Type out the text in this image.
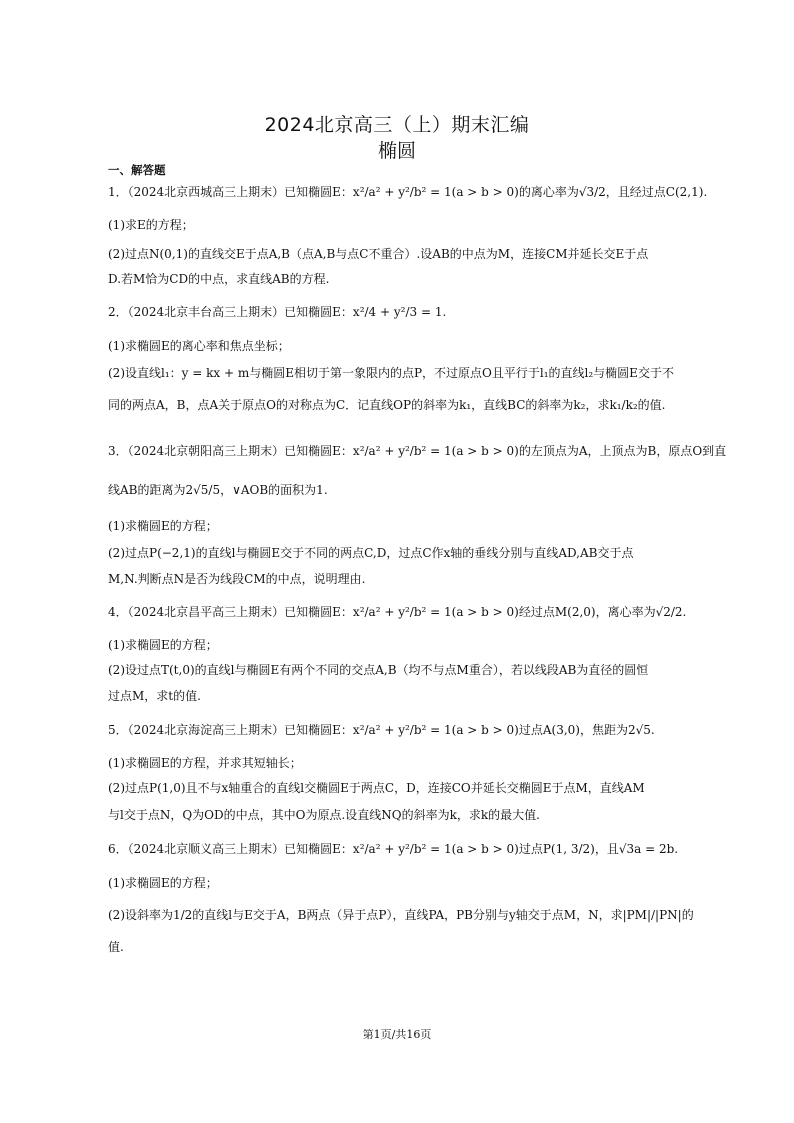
2024北京高三（上）期末汇编
椭圆
一、解答题
1．（2024北京西城高三上期末）已知椭圆E：x²/a² + y²/b² = 1(a > b > 0)的离心率为√3/2，且经过点C(2,1).
(1)求E的方程；
(2)过点N(0,1)的直线交E于点A,B（点A,B与点C不重合）.设AB的中点为M，连接CM并延长交E于点
D.若M恰为CD的中点，求直线AB的方程.
2．（2024北京丰台高三上期末）已知椭圆E：x²/4 + y²/3 = 1.
(1)求椭圆E的离心率和焦点坐标；
(2)设直线l₁：y = kx + m与椭圆E相切于第一象限内的点P，不过原点O且平行于l₁的直线l₂与椭圆E交于不
同的两点A，B，点A关于原点O的对称点为C．记直线OP的斜率为k₁，直线BC的斜率为k₂，求k₁/k₂的值.
3．（2024北京朝阳高三上期末）已知椭圆E：x²/a² + y²/b² = 1(a > b > 0)的左顶点为A，上顶点为B，原点O到直
线AB的距离为2√5/5，∨AOB的面积为1.
(1)求椭圆E的方程；
(2)过点P(−2,1)的直线l与椭圆E交于不同的两点C,D，过点C作x轴的垂线分别与直线AD,AB交于点
M,N.判断点N是否为线段CM的中点，说明理由.
4．（2024北京昌平高三上期末）已知椭圆E：x²/a² + y²/b² = 1(a > b > 0)经过点M(2,0)，离心率为√2/2.
(1)求椭圆E的方程；
(2)设过点T(t,0)的直线l与椭圆E有两个不同的交点A,B（均不与点M重合），若以线段AB为直径的圆恒
过点M，求t的值.
5．（2024北京海淀高三上期末）已知椭圆E：x²/a² + y²/b² = 1(a > b > 0)过点A(3,0)，焦距为2√5.
(1)求椭圆E的方程，并求其短轴长；
(2)过点P(1,0)且不与x轴重合的直线l交椭圆E于两点C，D，连接CO并延长交椭圆E于点M，直线AM
与l交于点N，Q为OD的中点，其中O为原点.设直线NQ的斜率为k，求k的最大值.
6．（2024北京顺义高三上期末）已知椭圆E：x²/a² + y²/b² = 1(a > b > 0)过点P(1, 3/2)，且√3a = 2b.
(1)求椭圆E的方程；
(2)设斜率为1/2的直线l与E交于A，B两点（异于点P），直线PA，PB分别与y轴交于点M，N，求|PM|/|PN|的
值.
第1页/共16页
